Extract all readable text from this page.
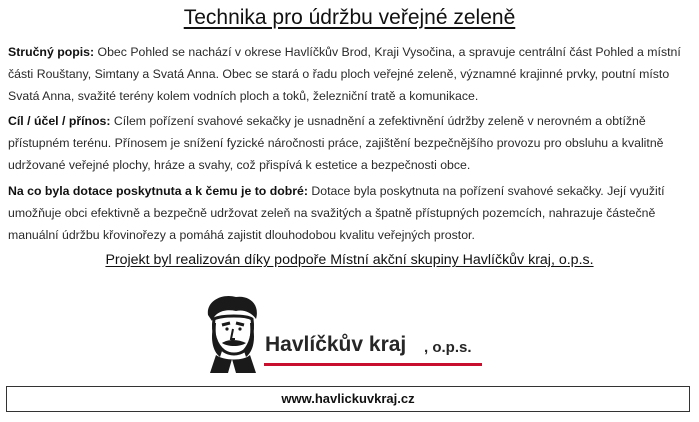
Technika pro údržbu veřejné zeleně
Stručný popis: Obec Pohled se nachází v okrese Havlíčkův Brod, Kraji Vysočina, a spravuje centrální část Pohled a místní části Rouštany, Simtany a Svatá Anna. Obec se stará o řadu ploch veřejné zeleně, významné krajinné prvky, poutní místo Svatá Anna, svažité terény kolem vodních ploch a toků, železniční tratě a komunikace.
Cíl / účel / přínos: Cílem pořízení svahové sekačky je usnadnění a zefektivnění údržby zeleně v nerovném a obtížně přístupném terénu. Přínosem je snížení fyzické náročnosti práce, zajištění bezpečnějšího provozu pro obsluhu a kvalitně udržované veřejné plochy, hráze a svahy, což přispívá k estetice a bezpečnosti obce.
Na co byla dotace poskytnuta a k čemu je to dobré: Dotace byla poskytnuta na pořízení svahové sekačky. Její využití umožňuje obci efektivně a bezpečně udržovat zeleň na svažitých a špatně přístupných pozemcích, nahrazuje částečně manuální údržbu křovinořezy a pomáhá zajistit dlouhodobou kvalitu veřejných prostor.
Projekt byl realizován díky podpoře Místní akční skupiny Havlíčkův kraj, o.p.s.
Havlíčkův kraj , o.p.s.
www.havlickuvkraj.cz
